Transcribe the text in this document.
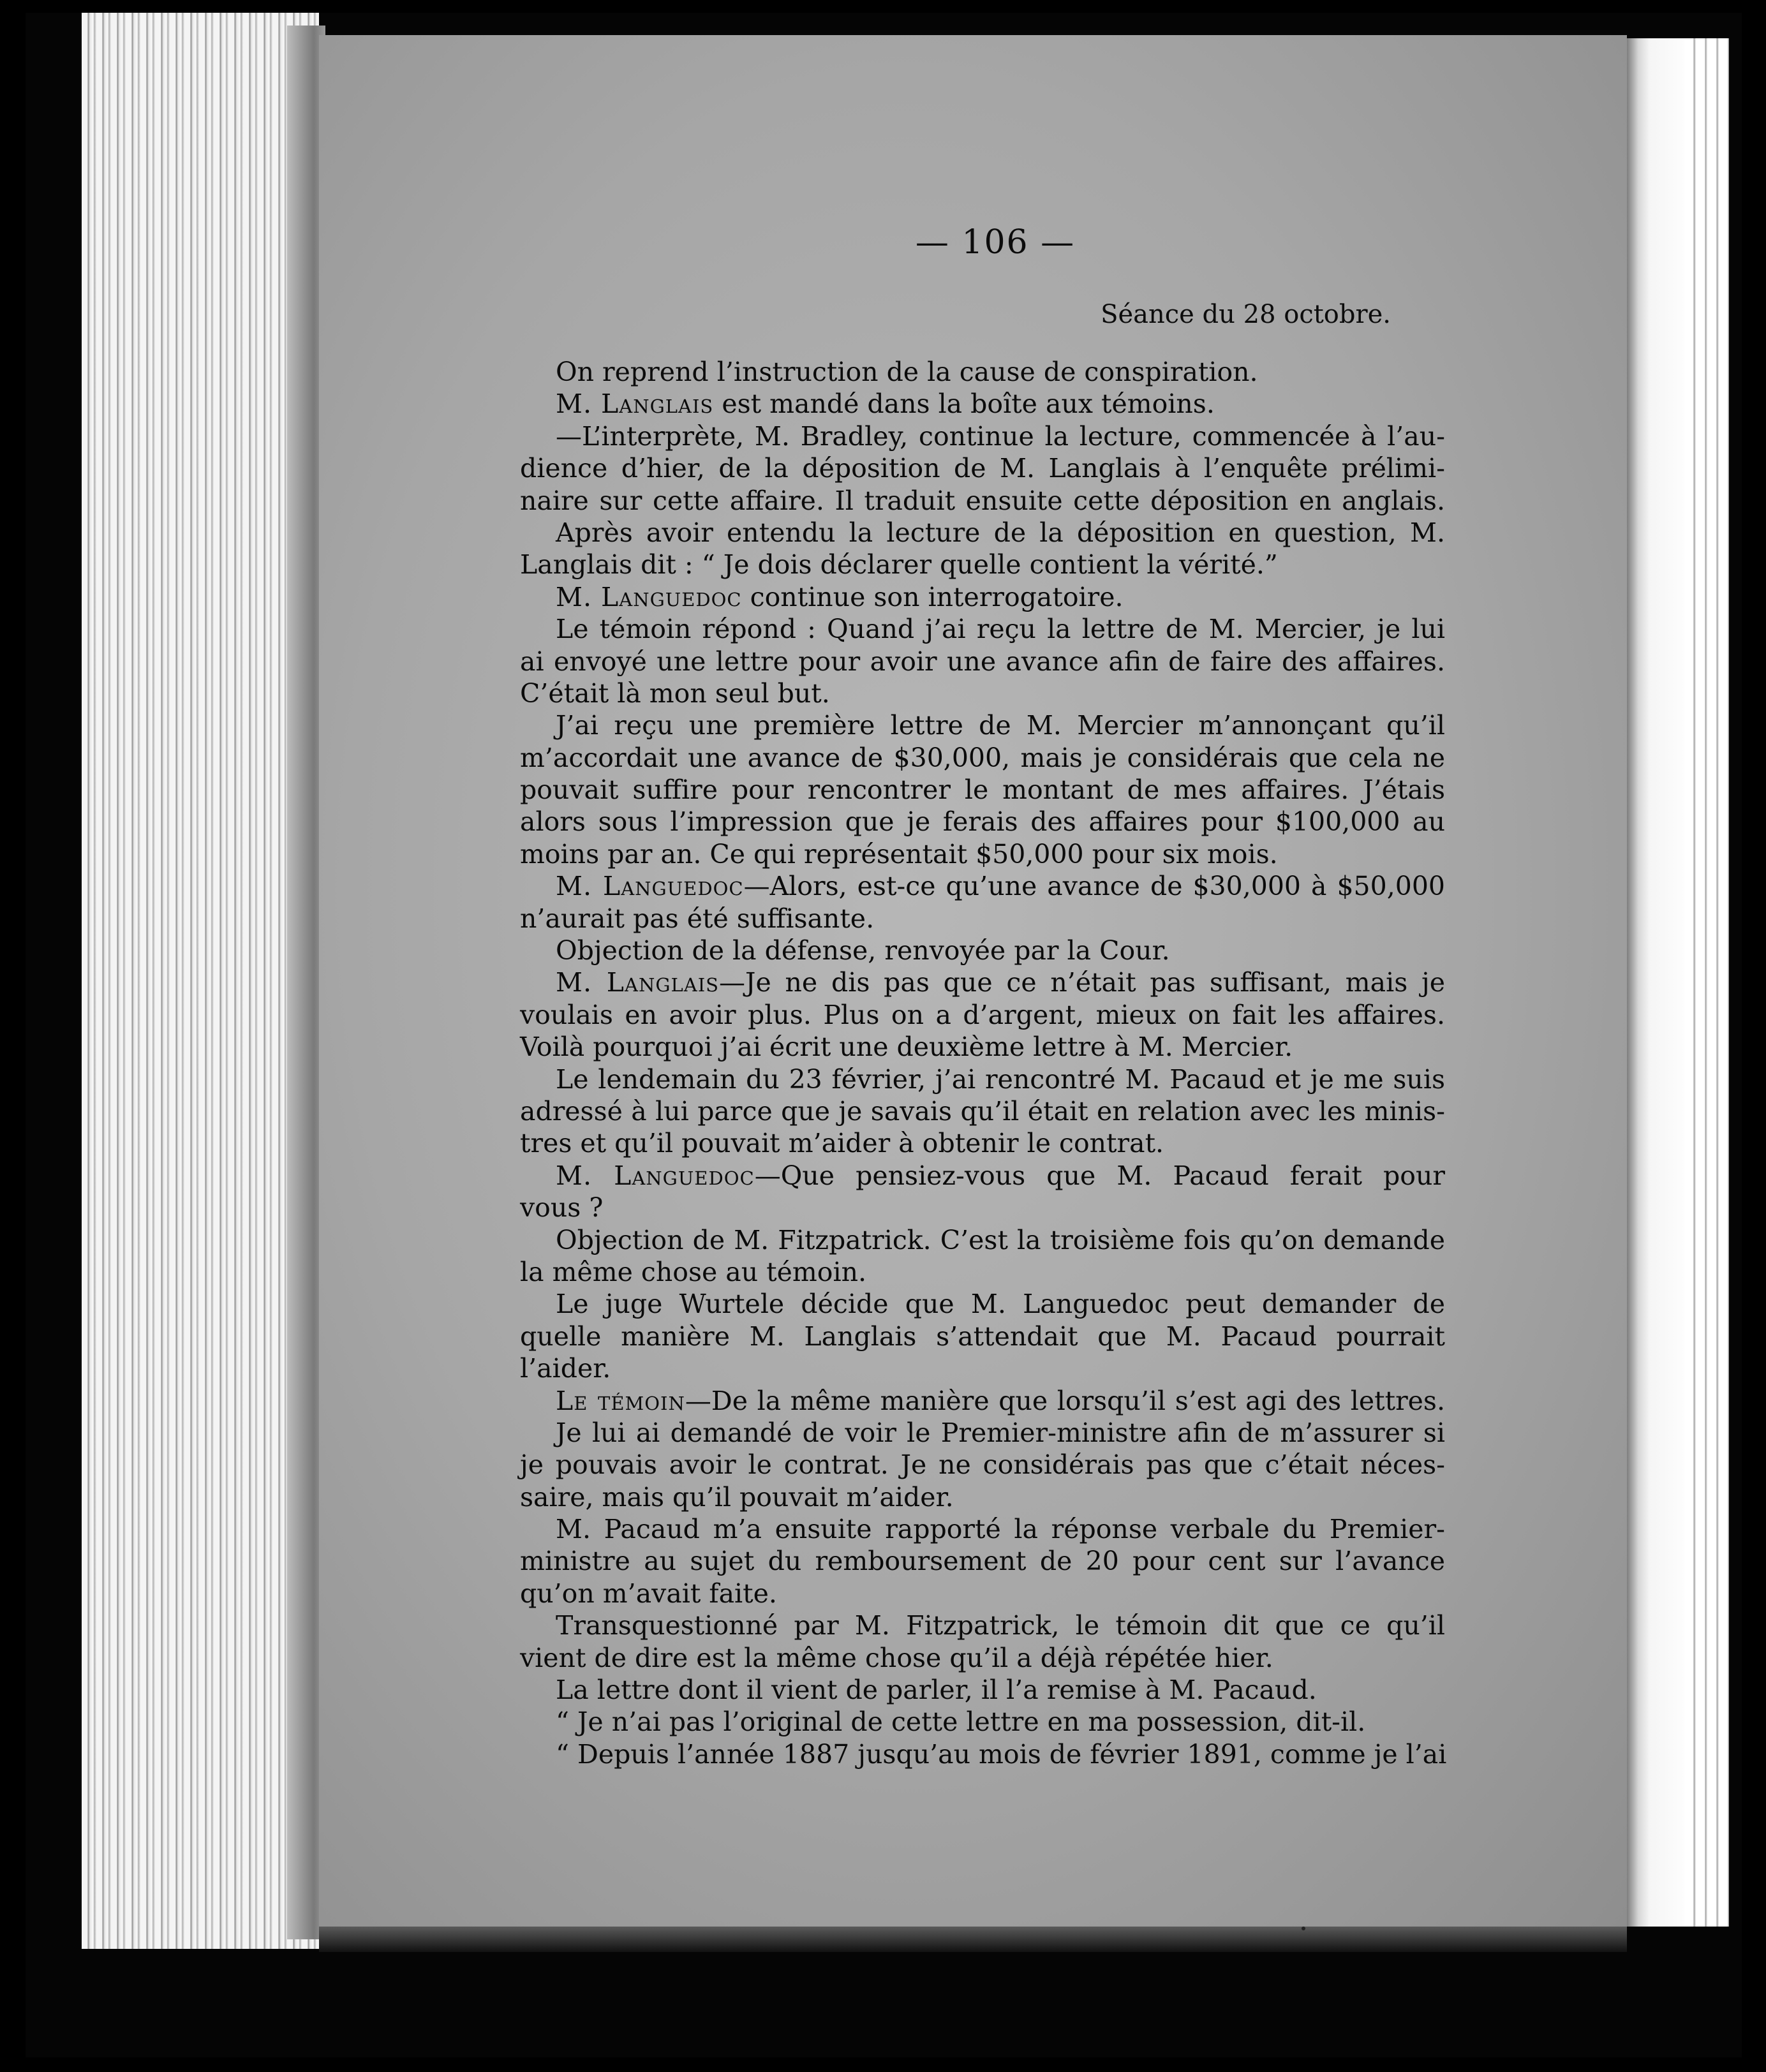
— 106 —
Séance du 28 octobre.
On reprend l’instruction de la cause de conspiration.
M. Langlais est mandé dans la boîte aux témoins.
—L’interprète, M. Bradley, continue la lecture, commencée à l’au-
dience d’hier, de la déposition de M. Langlais à l’enquête prélimi-
naire sur cette affaire. Il traduit ensuite cette déposition en anglais.
Après avoir entendu la lecture de la déposition en question, M.
Langlais dit : “ Je dois déclarer quelle contient la vérité.”
M. Languedoc continue son interrogatoire.
Le témoin répond : Quand j’ai reçu la lettre de M. Mercier, je lui
ai envoyé une lettre pour avoir une avance afin de faire des affaires.
C’était là mon seul but.
J’ai reçu une première lettre de M. Mercier m’annonçant qu’il
m’accordait une avance de $30,000, mais je considérais que cela ne
pouvait suffire pour rencontrer le montant de mes affaires. J’étais
alors sous l’impression que je ferais des affaires pour $100,000 au
moins par an. Ce qui représentait $50,000 pour six mois.
M. Languedoc—Alors, est-ce qu’une avance de $30,000 à $50,000
n’aurait pas été suffisante.
Objection de la défense, renvoyée par la Cour.
M. Langlais—Je ne dis pas que ce n’était pas suffisant, mais je
voulais en avoir plus. Plus on a d’argent, mieux on fait les affaires.
Voilà pourquoi j’ai écrit une deuxième lettre à M. Mercier.
Le lendemain du 23 février, j’ai rencontré M. Pacaud et je me suis
adressé à lui parce que je savais qu’il était en relation avec les minis-
tres et qu’il pouvait m’aider à obtenir le contrat.
M. Languedoc—Que pensiez-vous que M. Pacaud ferait pour
vous ?
Objection de M. Fitzpatrick. C’est la troisième fois qu’on demande
la même chose au témoin.
Le juge Wurtele décide que M. Languedoc peut demander de
quelle manière M. Langlais s’attendait que M. Pacaud pourrait
l’aider.
Le témoin—De la même manière que lorsqu’il s’est agi des lettres.
Je lui ai demandé de voir le Premier-ministre afin de m’assurer si
je pouvais avoir le contrat. Je ne considérais pas que c’était néces-
saire, mais qu’il pouvait m’aider.
M. Pacaud m’a ensuite rapporté la réponse verbale du Premier-
ministre au sujet du remboursement de 20 pour cent sur l’avance
qu’on m’avait faite.
Transquestionné par M. Fitzpatrick, le témoin dit que ce qu’il
vient de dire est la même chose qu’il a déjà répétée hier.
La lettre dont il vient de parler, il l’a remise à M. Pacaud.
“ Je n’ai pas l’original de cette lettre en ma possession, dit-il.
“ Depuis l’année 1887 jusqu’au mois de février 1891, comme je l’ai
